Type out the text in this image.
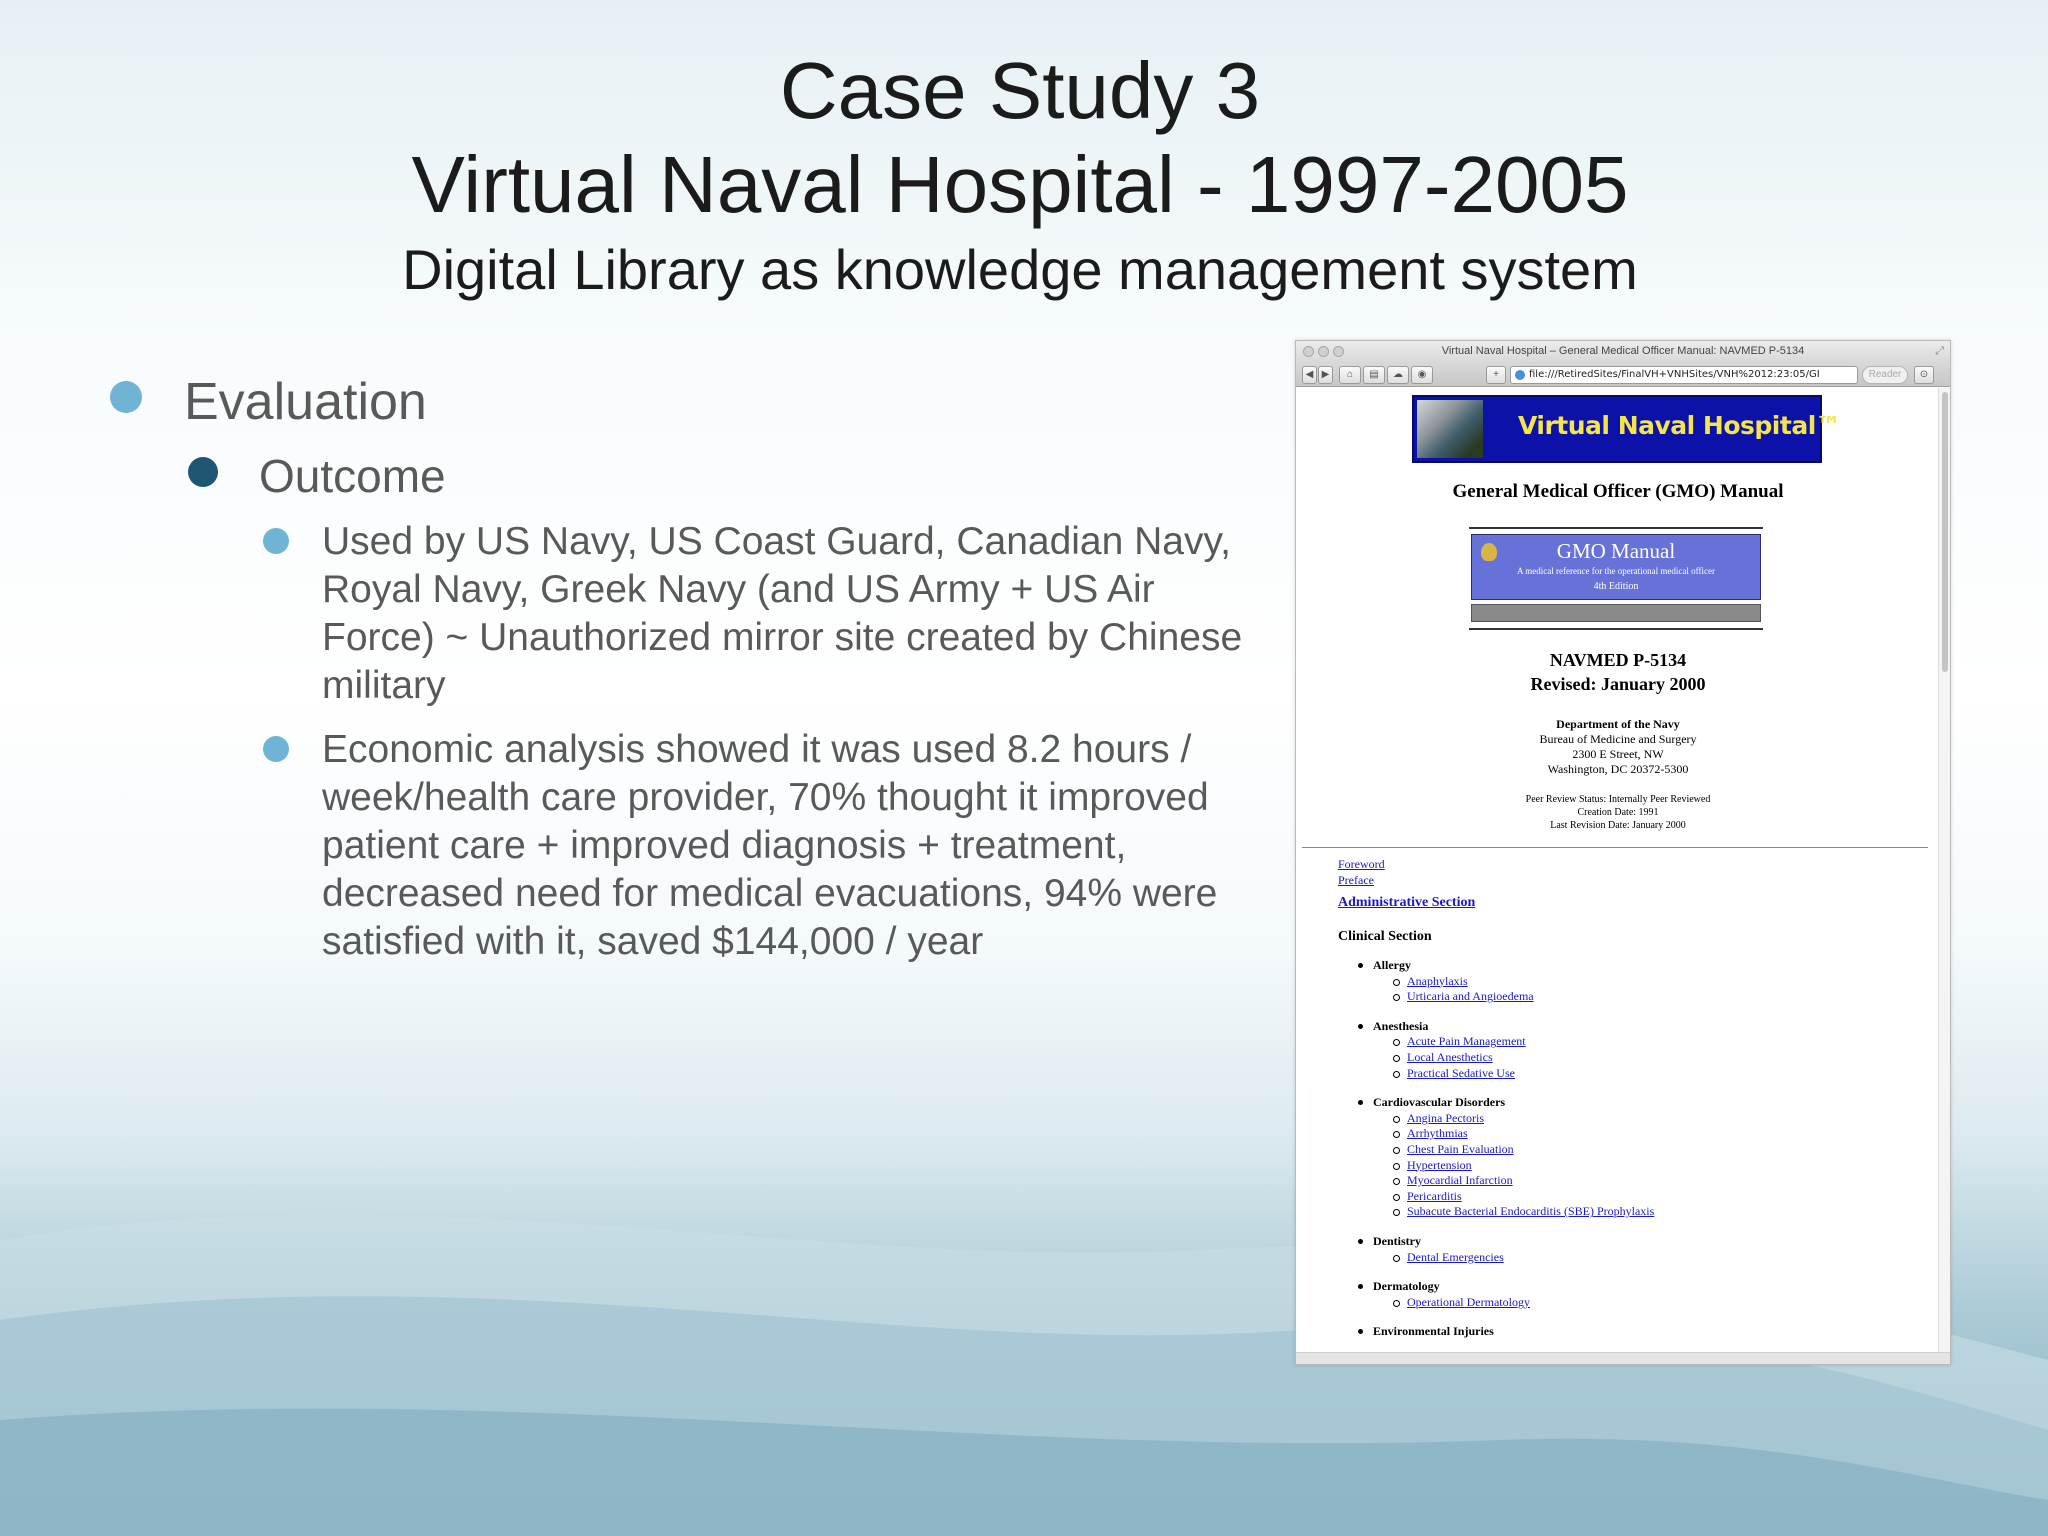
Case Study 3
Virtual Naval Hospital - 1997-2005
Digital Library as knowledge management system
Evaluation
Outcome
Used by US Navy, US Coast Guard, Canadian Navy, Royal Navy, Greek Navy (and US Army + US Air Force) ~ Unauthorized mirror site created by Chinese military
Economic analysis showed it was used 8.2 hours / week/health care provider, 70% thought it improved patient care + improved diagnosis + treatment, decreased need for medical evacuations, 94% were satisfied with it, saved $144,000 / year
Virtual Naval Hospital – General Medical Officer Manual: NAVMED P-5134	⤢
◀ ▶	⌂	▤	☁	◉	+	file:///RetiredSites/FinalVH+VNHSites/VNH%2012:23:05/GI	Reader	⊙
Virtual Naval Hospital™
General Medical Officer (GMO) Manual
GMO Manual
A medical reference for the operational medical officer
4th Edition
NAVMED P-5134
Revised: January 2000
Department of the Navy
Bureau of Medicine and Surgery
2300 E Street, NW
Washington, DC 20372-5300
Peer Review Status: Internally Peer Reviewed
Creation Date: 1991
Last Revision Date: January 2000
Foreword
Preface
Administrative Section
Clinical Section
Allergy
Anaphylaxis
Urticaria and Angioedema
Anesthesia
Acute Pain Management
Local Anesthetics
Practical Sedative Use
Cardiovascular Disorders
Angina Pectoris
Arrhythmias
Chest Pain Evaluation
Hypertension
Myocardial Infarction
Pericarditis
Subacute Bacterial Endocarditis (SBE) Prophylaxis
Dentistry
Dental Emergencies
Dermatology
Operational Dermatology
Environmental Injuries
